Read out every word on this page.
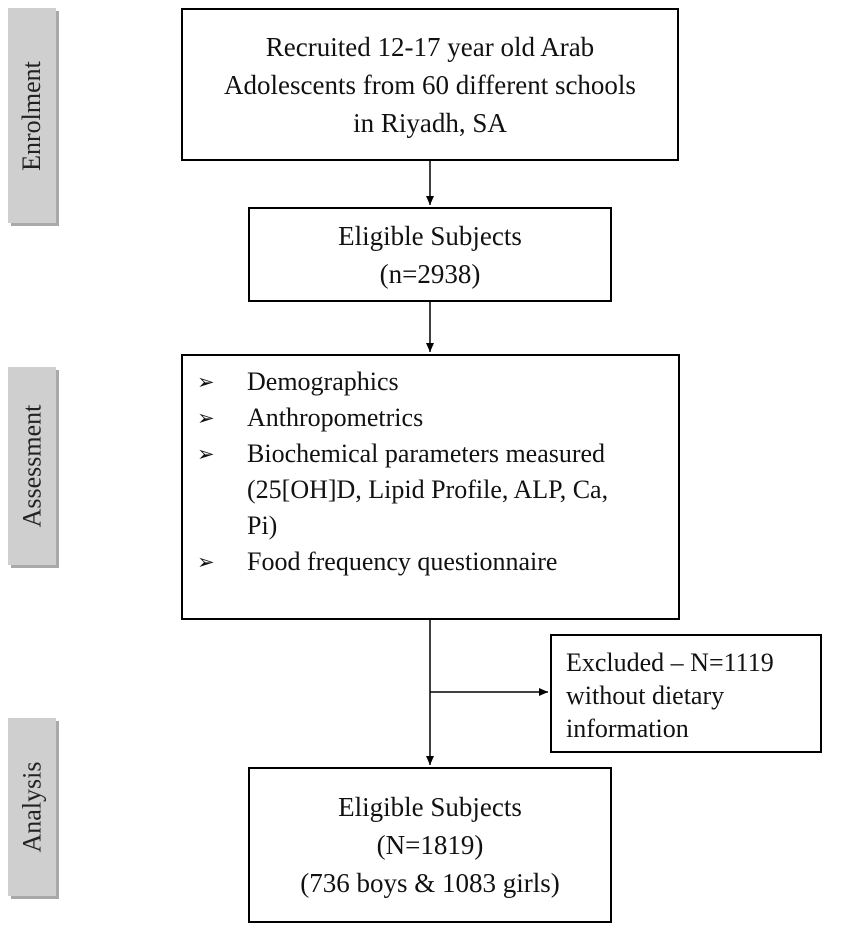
Enrolment
Assessment
Analysis
Recruited 12-17 year old Arab
Adolescents from 60 different schools
in Riyadh, SA
Eligible Subjects
(n=2938)
➢	Demographics
➢	Anthropometrics
➢	Biochemical parameters measured (25[OH]D, Lipid Profile, ALP, Ca, Pi)
➢	Food frequency questionnaire
Excluded – N=1119
without dietary
information
Eligible Subjects
(N=1819)
(736 boys & 1083 girls)
